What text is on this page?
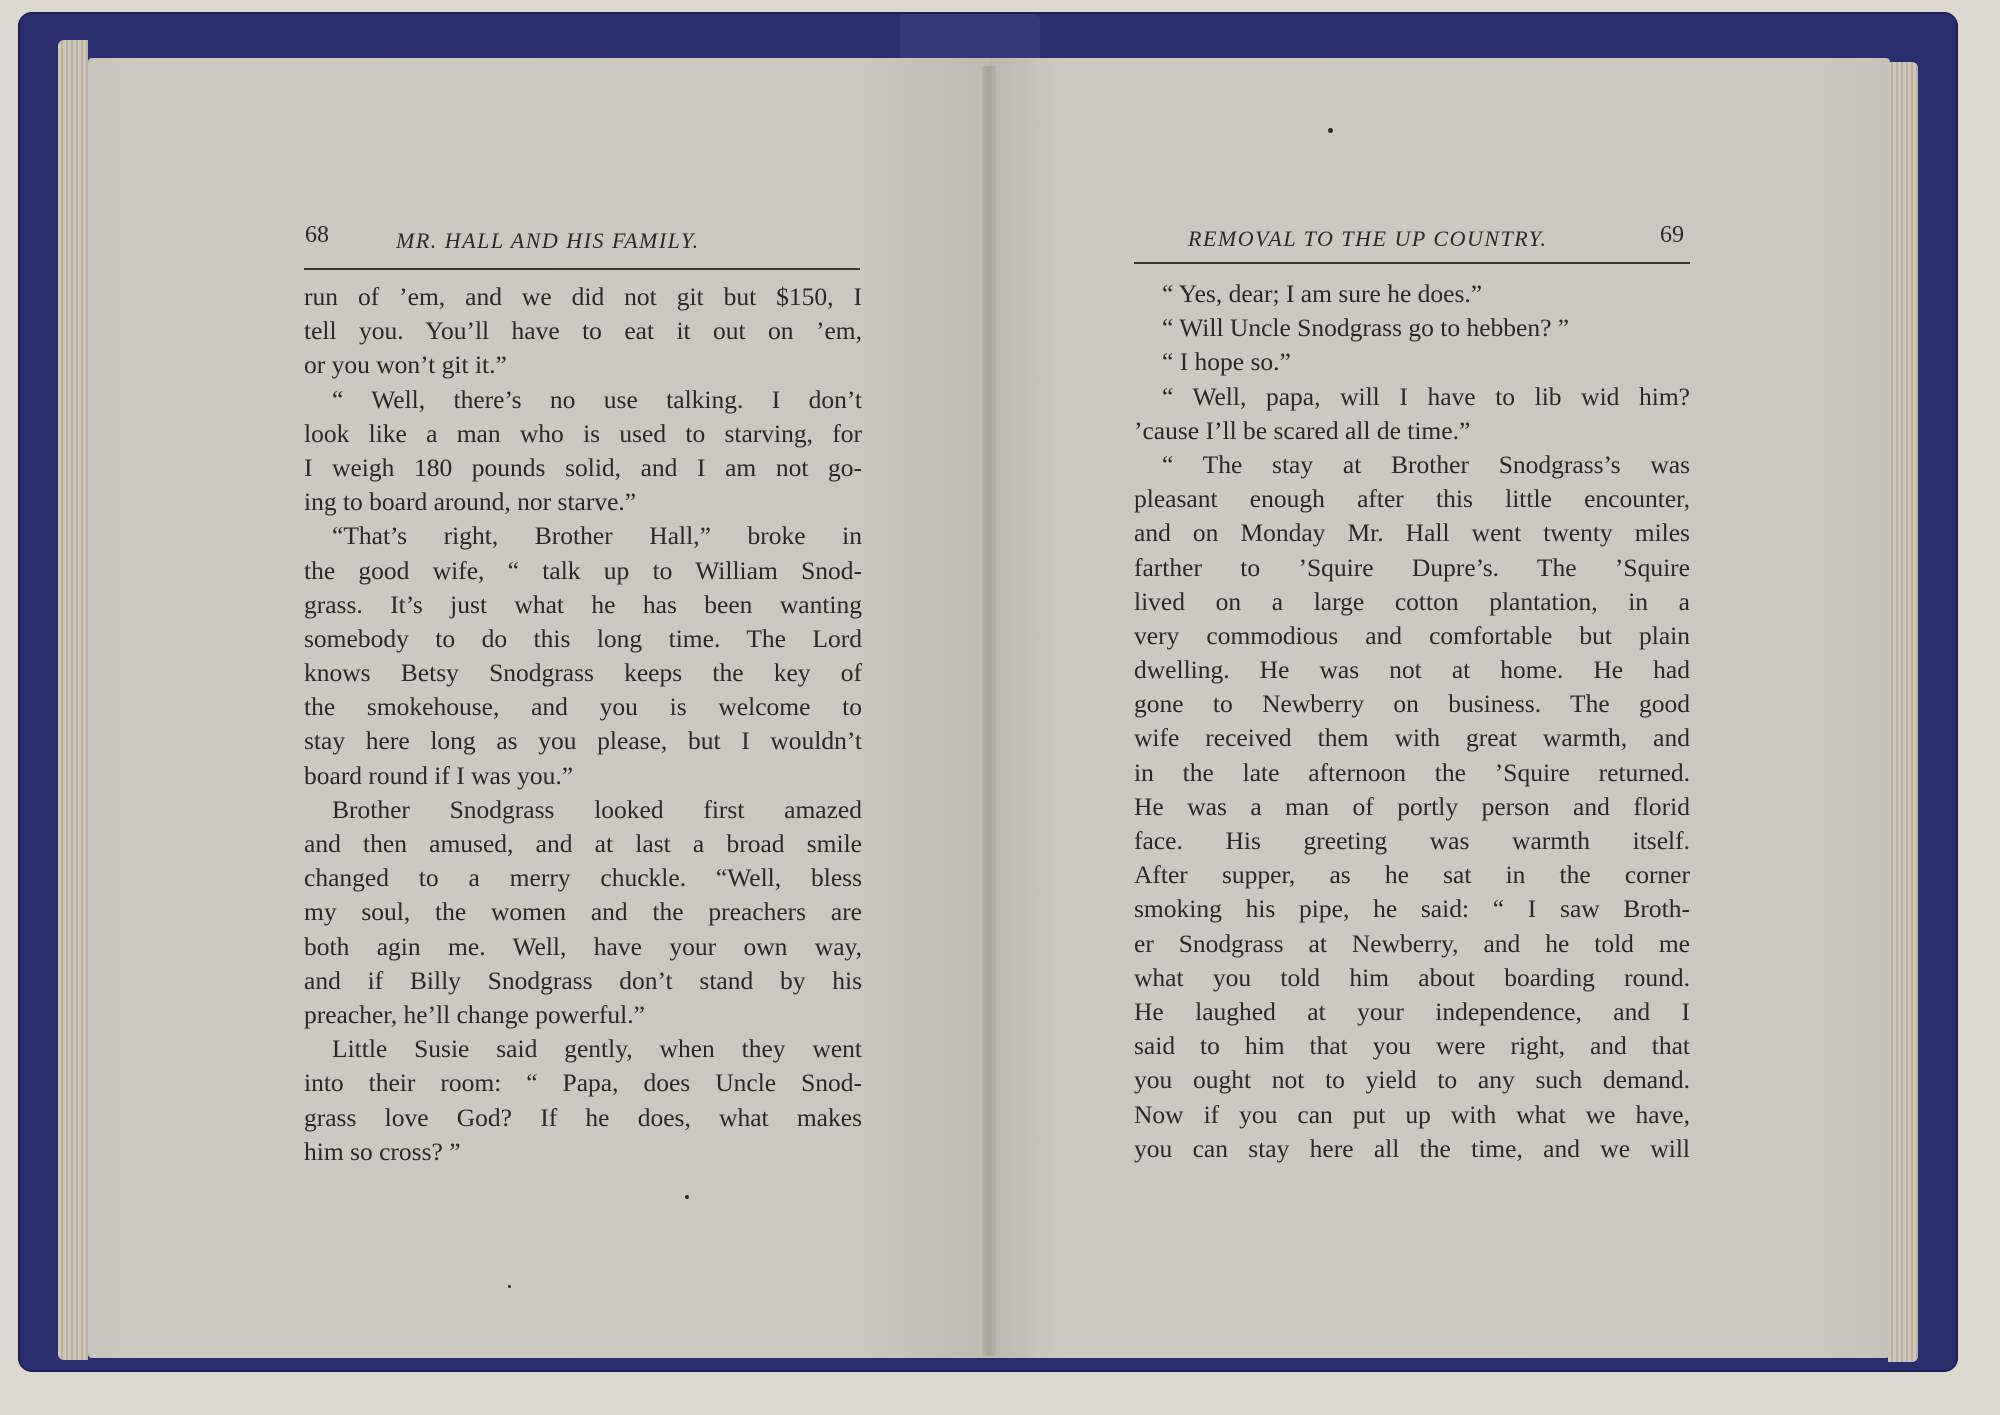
68	MR. HALL AND HIS FAMILY.	REMOVAL TO THE UP COUNTRY.	69
run of ’em, and we did not git but $150, I
tell you. You’ll have to eat it out on ’em,
or you won’t git it.”
“ Well, there’s no use talking. I don’t
look like a man who is used to starving, for
I weigh 180 pounds solid, and I am not go-
ing to board around, nor starve.”
“That’s right, Brother Hall,” broke in
the good wife, “ talk up to William Snod-
grass. It’s just what he has been wanting
somebody to do this long time. The Lord
knows Betsy Snodgrass keeps the key of
the smokehouse, and you is welcome to
stay here long as you please, but I wouldn’t
board round if I was you.”
Brother Snodgrass looked first amazed
and then amused, and at last a broad smile
changed to a merry chuckle. “Well, bless
my soul, the women and the preachers are
both agin me. Well, have your own way,
and if Billy Snodgrass don’t stand by his
preacher, he’ll change powerful.”
Little Susie said gently, when they went
into their room: “ Papa, does Uncle Snod-
grass love God? If he does, what makes
him so cross? ”
“ Yes, dear; I am sure he does.”
“ Will Uncle Snodgrass go to hebben? ”
“ I hope so.”
“ Well, papa, will I have to lib wid him?
’cause I’ll be scared all de time.”
“ The stay at Brother Snodgrass’s was
pleasant enough after this little encounter,
and on Monday Mr. Hall went twenty miles
farther to ’Squire Dupre’s. The ’Squire
lived on a large cotton plantation, in a
very commodious and comfortable but plain
dwelling. He was not at home. He had
gone to Newberry on business. The good
wife received them with great warmth, and
in the late afternoon the ’Squire returned.
He was a man of portly person and florid
face. His greeting was warmth itself.
After supper, as he sat in the corner
smoking his pipe, he said: “ I saw Broth-
er Snodgrass at Newberry, and he told me
what you told him about boarding round.
He laughed at your independence, and I
said to him that you were right, and that
you ought not to yield to any such demand.
Now if you can put up with what we have,
you can stay here all the time, and we will
